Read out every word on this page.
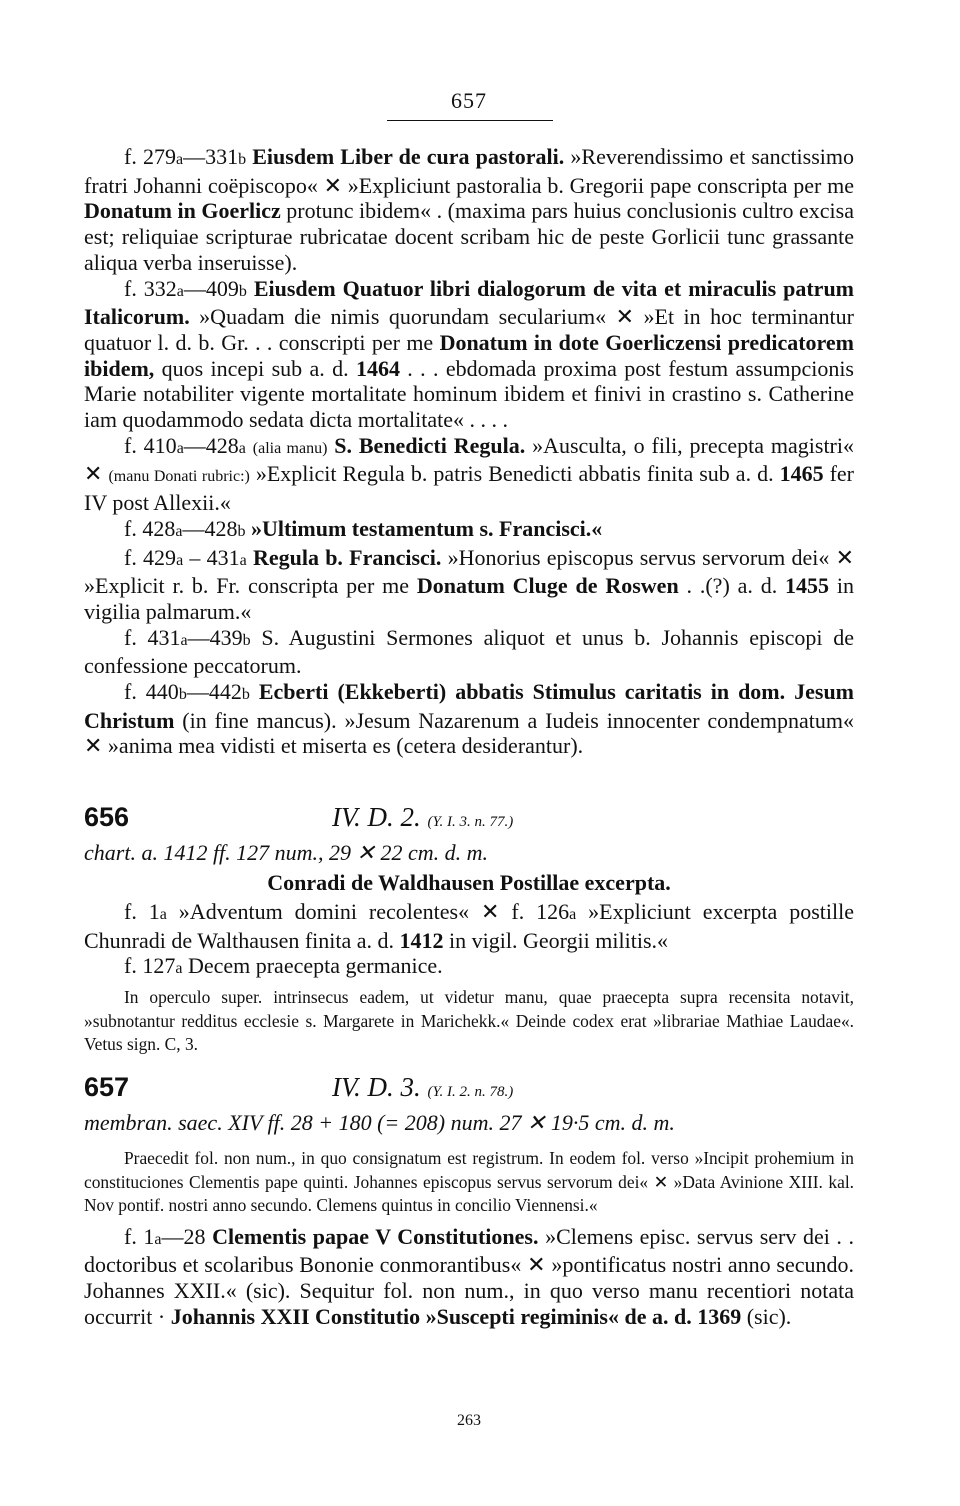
657

f. 279a—331b Eiusdem Liber de cura pastorali. »Reverendissimo et sanctissimo fratri Johanni coëpiscopo« ✕ »Expliciunt pastoralia b. Gregorii pape conscripta per me Donatum in Goerlicz protunc ibidem« . (maxima pars huius conclusionis cultro excisa est; reliquiae scripturae rubricatae docent scribam hic de peste Gorlicii tunc grassante aliqua verba inseruisse).

f. 332a—409b Eiusdem Quatuor libri dialogorum de vita et miraculis patrum Italicorum. »Quadam die nimis quorundam secularium« ✕ »Et in hoc terminantur quatuor l. d. b. Gr. . . conscripti per me Donatum in dote Goerliczensi predicatorem ibidem, quos incepi sub a. d. 1464 . . . ebdomada proxima post festum assumpcionis Marie notabiliter vigente mortalitate hominum ibidem et finivi in crastino s. Catherine iam quodammodo sedata dicta mortalitate« . . . .

f. 410a—428a (alia manu) S. Benedicti Regula. »Ausculta, o fili, precepta magistri« ✕ (manu Donati rubric:) »Explicit Regula b. patris Benedicti abbatis finita sub a. d. 1465 fer IV post Allexii.«

f. 428a—428b »Ultimum testamentum s. Francisci.«

f. 429a – 431a Regula b. Francisci. »Honorius episcopus servus servorum dei« ✕ »Explicit r. b. Fr. conscripta per me Donatum Cluge de Roswen . .(?) a. d. 1455 in vigilia palmarum.«

f. 431a—439b S. Augustini Sermones aliquot et unus b. Johannis episcopi de confessione peccatorum.

f. 440b—442b Ecberti (Ekkeberti) abbatis Stimulus caritatis in dom. Jesum Christum (in fine mancus). »Jesum Nazarenum a Iudeis innocenter condempnatum« ✕ »anima mea vidisti et miserta es (cetera desiderantur).

656	IV. D. 2. (Y. I. 3. n. 77.)
chart. a. 1412 ff. 127 num., 29 ✕ 22 cm. d. m.
Conradi de Waldhausen Postillae excerpta.

f. 1a »Adventum domini recolentes« ✕ f. 126a »Expliciunt excerpta postille Chunradi de Walthausen finita a. d. 1412 in vigil. Georgii militis.«

f. 127a Decem praecepta germanice.

In operculo super. intrinsecus eadem, ut videtur manu, quae praecepta supra recensita notavit, »subnotantur redditus ecclesie s. Margarete in Marichekk.« Deinde codex erat »librariae Mathiae Laudae«. Vetus sign. C, 3.

657	IV. D. 3. (Y. I. 2. n. 78.)
membran. saec. XIV ff. 28 + 180 (= 208) num. 27 ✕ 19·5 cm. d. m.

Praecedit fol. non num., in quo consignatum est registrum. In eodem fol. verso »Incipit prohemium in constituciones Clementis pape quinti. Johannes episcopus servus servorum dei« ✕ »Data Avinione XIII. kal. Nov pontif. nostri anno secundo. Clemens quintus in concilio Viennensi.«

f. 1a—28 Clementis papae V Constitutiones. »Clemens episc. servus serv dei . . doctoribus et scolaribus Bononie conmorantibus« ✕ »pontificatus nostri anno secundo. Johannes XXII.« (sic). Sequitur fol. non num., in quo verso manu recentiori notata occurrit · Johannis XXII Constitutio »Suscepti regiminis« de a. d. 1369 (sic).

263
